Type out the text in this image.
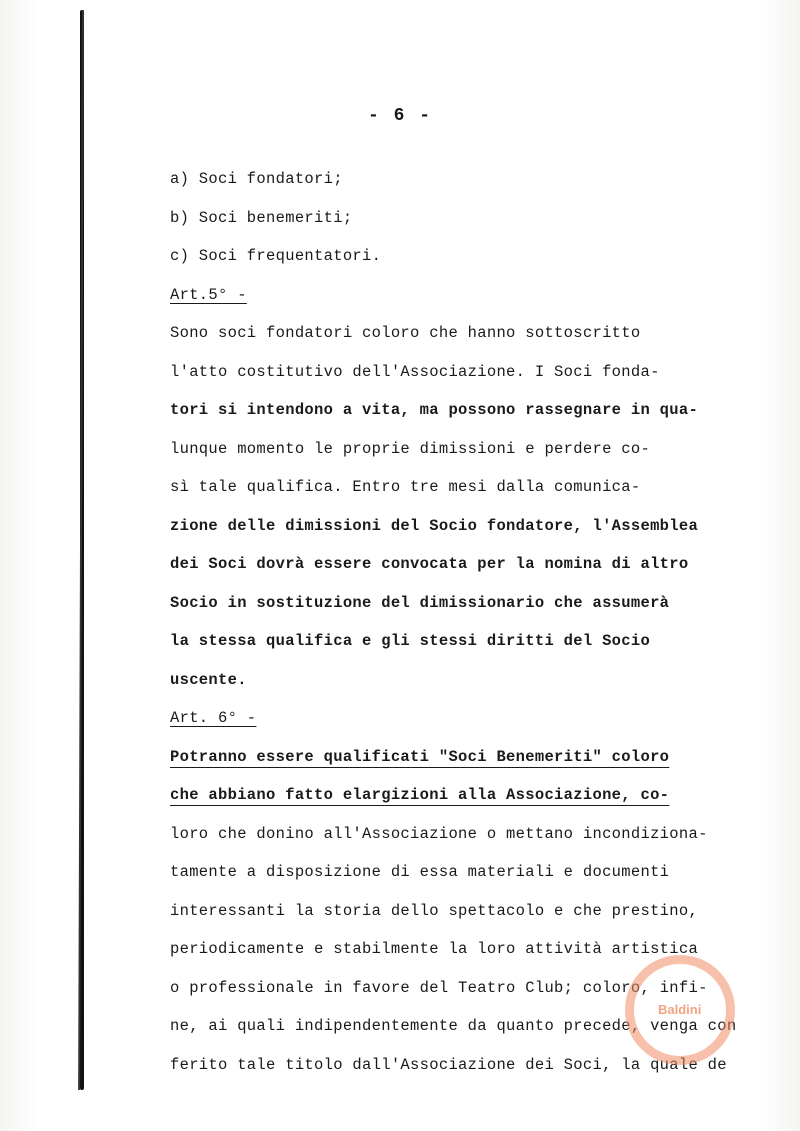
- 6 -
a) Soci fondatori;
b) Soci benemeriti;
c) Soci frequentatori.
Art.5° -
Sono soci fondatori coloro che hanno sottoscritto
l'atto costitutivo dell'Associazione. I Soci fonda-
tori si intendono a vita, ma possono rassegnare in qua-
lunque momento le proprie dimissioni e perdere co-
sì tale qualifica. Entro tre mesi dalla comunica-
zione delle dimissioni del Socio fondatore, l'Assemblea
dei Soci dovrà essere convocata per la nomina di altro
Socio in sostituzione del dimissionario che assumerà
la stessa qualifica e gli stessi diritti del Socio
uscente.
Art. 6° -
Potranno essere qualificati "Soci Benemeriti" coloro
che abbiano fatto elargizioni alla Associazione, co-
loro che donino all'Associazione o mettano incondiziona-
tamente a disposizione di essa materiali e documenti
interessanti la storia dello spettacolo e che prestino,
periodicamente e stabilmente la loro attività artistica
o professionale in favore del Teatro Club; coloro, infi-
ne, ai quali indipendentemente da quanto precede, venga con
ferito tale titolo dall'Associazione dei Soci, la quale de
Baldini
